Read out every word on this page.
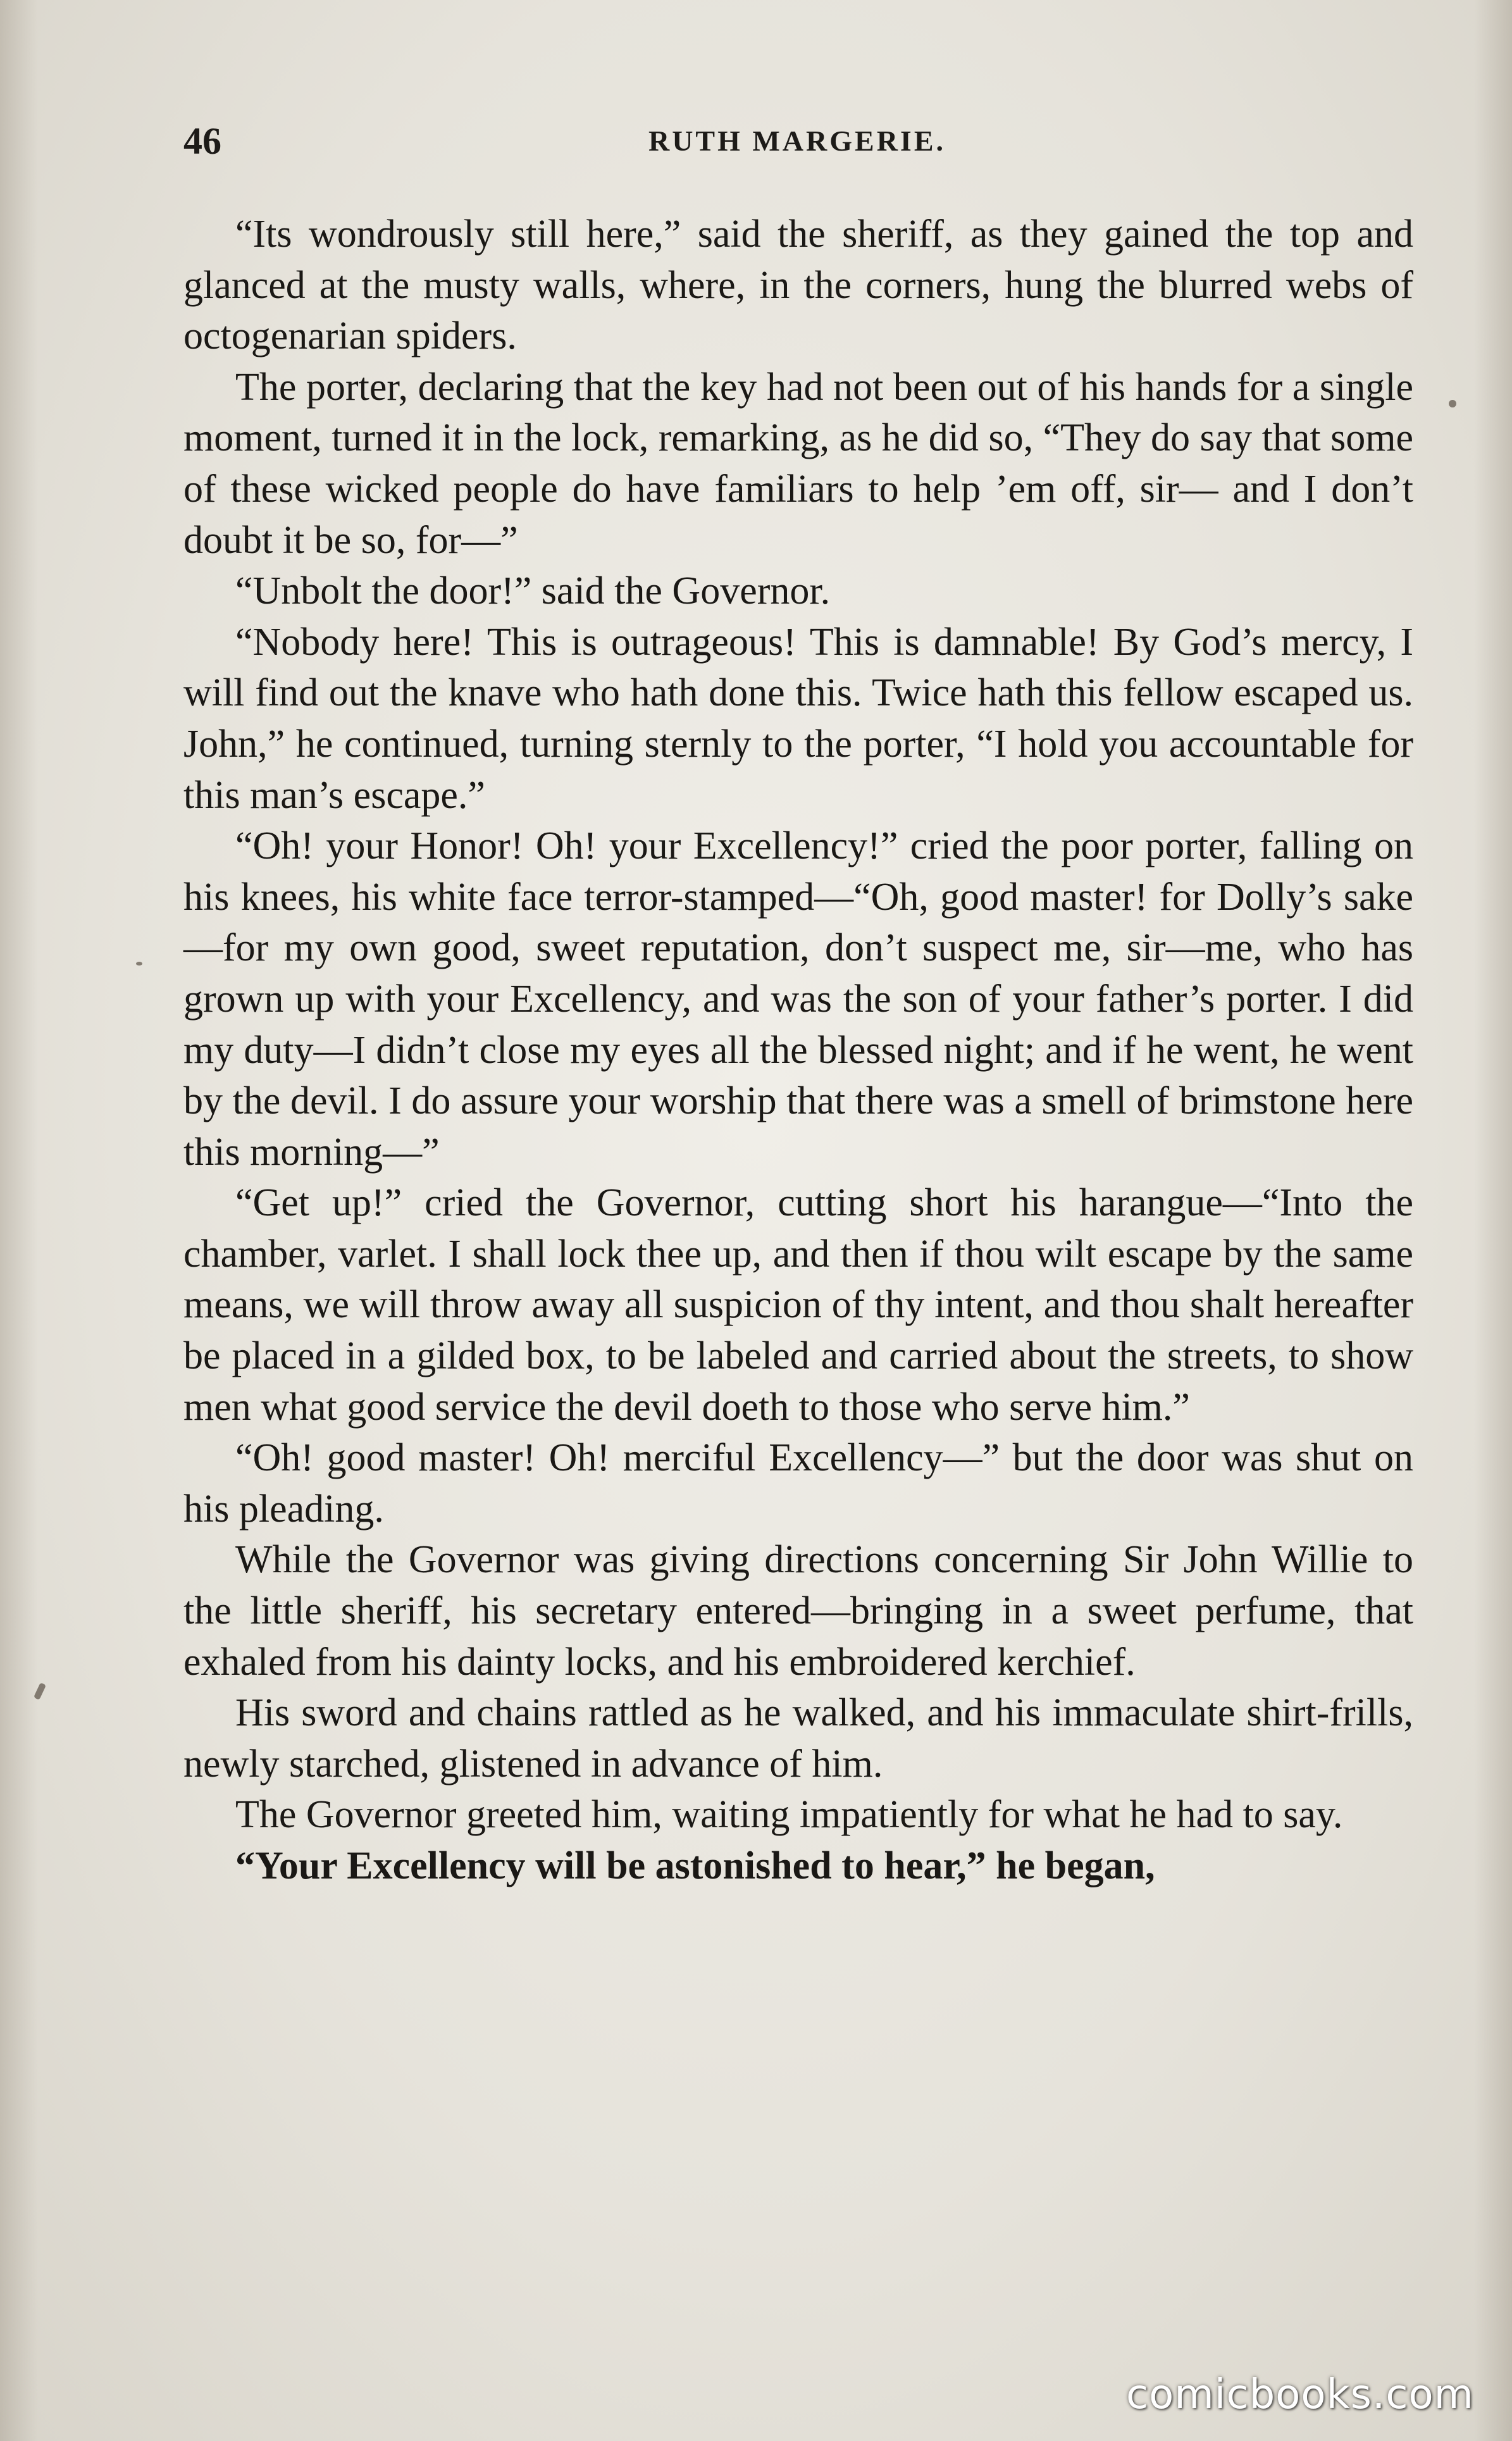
46	RUTH MARGERIE.

“Its wondrously still here,” said the sheriff, as they gained the top and glanced at the musty walls, where, in the corners, hung the blurred webs of octogenarian spiders.

The porter, declaring that the key had not been out of his hands for a single moment, turned it in the lock, remarking, as he did so, “They do say that some of these wicked people do have familiars to help ’em off, sir— and I don’t doubt it be so, for—”

“Unbolt the door!” said the Governor.

“Nobody here! This is outrageous! This is damnable! By God’s mercy, I will find out the knave who hath done this. Twice hath this fellow escaped us. John,” he continued, turning sternly to the porter, “I hold you accountable for this man’s escape.”

“Oh! your Honor! Oh! your Excellency!” cried the poor porter, falling on his knees, his white face terror-stamped—“Oh, good master! for Dolly’s sake—for my own good, sweet reputation, don’t suspect me, sir—me, who has grown up with your Excellency, and was the son of your father’s porter. I did my duty—I didn’t close my eyes all the blessed night; and if he went, he went by the devil. I do assure your worship that there was a smell of brimstone here this morning—”

“Get up!” cried the Governor, cutting short his harangue—“Into the chamber, varlet. I shall lock thee up, and then if thou wilt escape by the same means, we will throw away all suspicion of thy intent, and thou shalt hereafter be placed in a gilded box, to be labeled and carried about the streets, to show men what good service the devil doeth to those who serve him.”

“Oh! good master! Oh! merciful Excellency—” but the door was shut on his pleading.

While the Governor was giving directions concerning Sir John Willie to the little sheriff, his secretary entered—bringing in a sweet perfume, that exhaled from his dainty locks, and his embroidered kerchief.

His sword and chains rattled as he walked, and his immaculate shirt-frills, newly starched, glistened in advance of him.

The Governor greeted him, waiting impatiently for what he had to say.

“Your Excellency will be astonished to hear,” he began,

comicbooks.com
